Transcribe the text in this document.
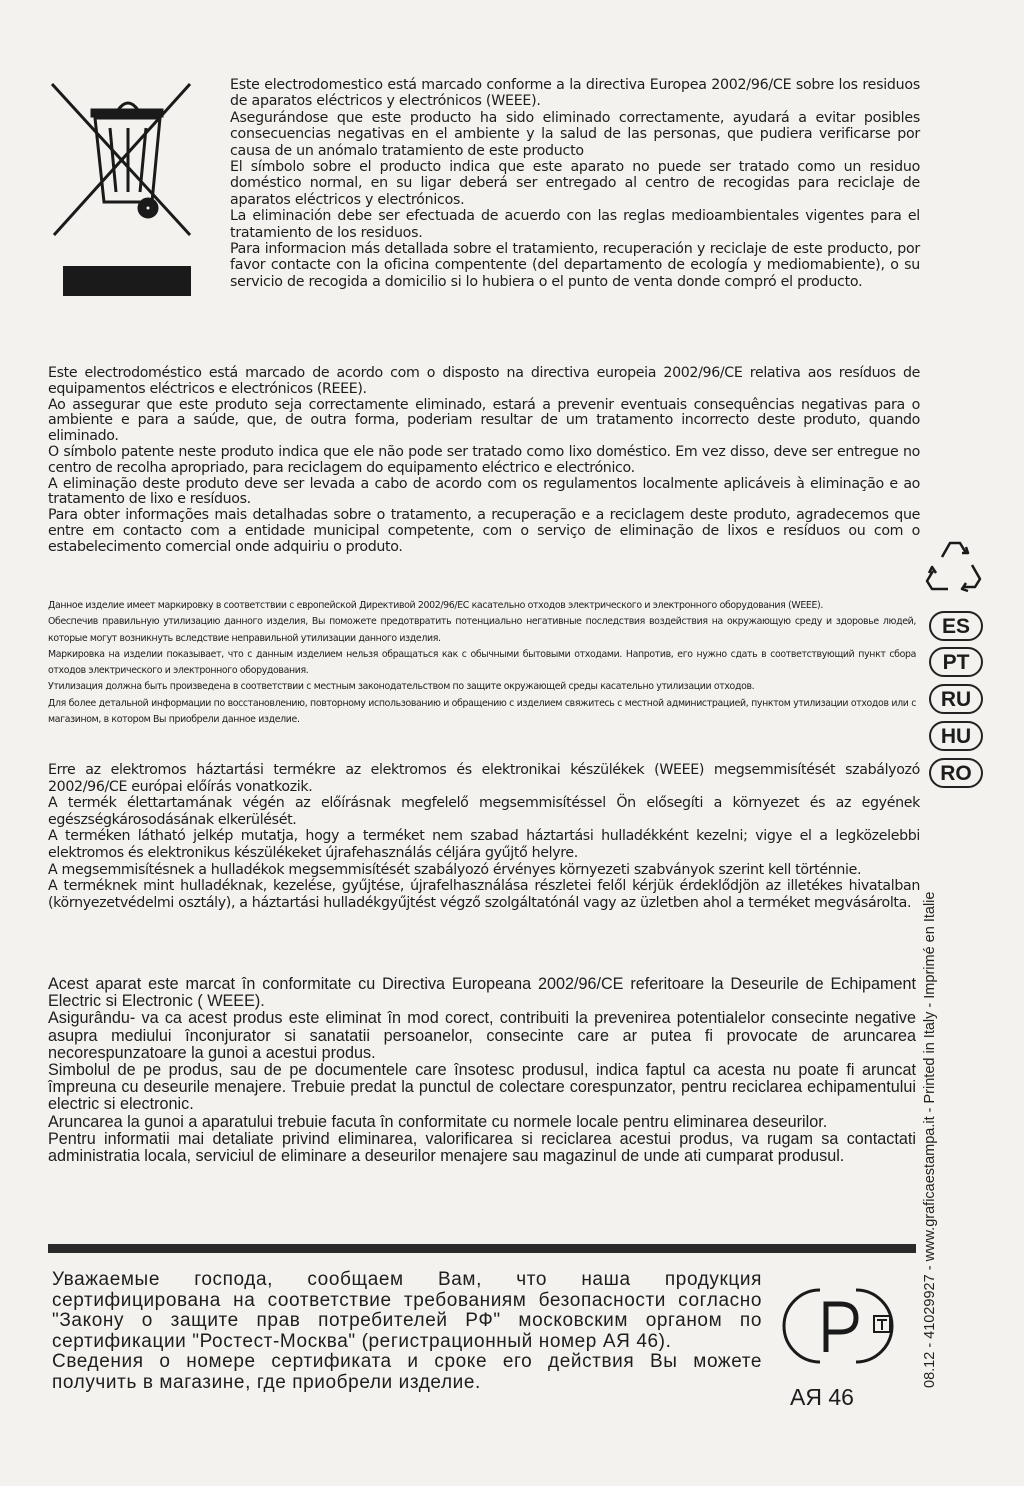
Este electrodomestico está marcado conforme a la directiva Europea 2002/96/CE sobre los residuos de aparatos eléctricos y electrónicos (WEEE).

Asegurándose que este producto ha sido eliminado correctamente, ayudará a evitar posibles consecuencias negativas en el ambiente y la salud de las personas, que pudiera verificarse por causa de un anómalo tratamiento de este producto

El símbolo sobre el producto indica que este aparato no puede ser tratado como un residuo doméstico normal, en su ligar deberá ser entregado al centro de recogidas para reciclaje de aparatos eléctricos y electrónicos.

La eliminación debe ser efectuada de acuerdo con las reglas medioambientales vigentes para el tratamiento de los residuos.

Para informacion más detallada sobre el tratamiento, recuperación y reciclaje de este producto, por favor contacte con la oficina compentente (del departamento de ecología y mediomabiente), o su servicio de recogida a domicilio si lo hubiera o el punto de venta donde compró el producto.

Este electrodoméstico está marcado de acordo com o disposto na directiva europeia 2002/96/CE relativa aos resíduos de equipamentos eléctricos e electrónicos (REEE).

Ao assegurar que este produto seja correctamente eliminado, estará a prevenir eventuais consequências negativas para o ambiente e para a saúde, que, de outra forma, poderiam resultar de um tratamento incorrecto deste produto, quando eliminado.

O símbolo patente neste produto indica que ele não pode ser tratado como lixo doméstico. Em vez disso, deve ser entregue no centro de recolha apropriado, para reciclagem do equipamento eléctrico e electrónico.

A eliminação deste produto deve ser levada a cabo de acordo com os regulamentos localmente aplicáveis à eliminação e ao tratamento de lixo e resíduos.

Para obter informações mais detalhadas sobre o tratamento, a recuperação e a reciclagem deste produto, agradecemos que entre em contacto com a entidade municipal competente, com o serviço de eliminação de lixos e resíduos ou com o estabelecimento comercial onde adquiriu o produto.

Данное изделие имеет маркировку в соответствии с европейской Директивой 2002/96/ЕС касательно отходов электрического и электронного оборудования (WEEE).

Обеспечив правильную утилизацию данного изделия, Вы поможете предотвратить потенциально негативные последствия воздействия на окружающую среду и здоровье людей, которые могут возникнуть вследствие неправильной утилизации данного изделия.

Маркировка на изделии показывает, что с данным изделием нельзя обращаться как с обычными бытовыми отходами. Напротив, его нужно сдать в соответствующий пункт сбора отходов электрического и электронного оборудования.

Утилизация должна быть произведена в соответствии с местным законодательством по защите окружающей среды касательно утилизации отходов.

Для более детальной информации по восстановлению, повторному использованию и обращению с изделием свяжитесь с местной администрацией, пунктом утилизации отходов или с магазином, в котором Вы приобрели данное изделие.

Erre az elektromos háztartási termékre az elektromos és elektronikai készülékek (WEEE) megsemmisítését szabályozó 2002/96/CE európai előírás vonatkozik.

A termék élettartamának végén az előírásnak megfelelő megsemmisítéssel Ön elősegíti a környezet és az egyének egészségkárosodásának elkerülését.

A terméken látható jelkép mutatja, hogy a terméket nem szabad háztartási hulladékként kezelni; vigye el a legközelebbi elektromos és elektronikus készülékeket újrafehasználás céljára gyűjtő helyre.

A megsemmisítésnek a hulladékok megsemmisítését szabályozó érvényes környezeti szabványok szerint kell történnie.

A terméknek mint hulladéknak, kezelése, gyűjtése, újrafelhasználása részletei felől kérjük érdeklődjön az illetékes hivatalban (környezetvédelmi osztály), a háztartási hulladékgyűjtést végző szolgáltatónál vagy az üzletben ahol a terméket megvásárolta.

Acest aparat este marcat în conformitate cu Directiva Europeana 2002/96/CE referitoare la Deseurile de Echipament Electric si Electronic ( WEEE).

Asigurându- va ca acest produs este eliminat în mod corect, contribuiti la prevenirea potentialelor consecinte negative asupra mediului înconjurator si sanatatii persoanelor, consecinte care ar putea fi provocate de aruncarea necorespunzatoare la gunoi a acestui produs.

Simbolul de pe produs, sau de pe documentele care însotesc produsul, indica faptul ca acesta nu poate fi aruncat împreuna cu deseurile menajere. Trebuie predat la punctul de colectare corespunzator, pentru reciclarea echipamentului electric si electronic.

Aruncarea la gunoi a aparatului trebuie facuta în conformitate cu normele locale pentru eliminarea deseurilor.

Pentru informatii mai detaliate privind eliminarea, valorificarea si reciclarea acestui produs, va rugam sa contactati administratia locala, serviciul de eliminare a deseurilor menajere sau magazinul de unde ati cumparat produsul.

Уважаемые господа, сообщаем Вам, что наша продукция сертифицирована на соответствие требованиям безопасности согласно "Закону о защите прав потребителей РФ" московским органом по сертификации "Ростест-Москва" (регистрационный номер АЯ 46).

Сведения о номере сертификата и сроке его действия Вы можете получить в магазине, где приобрели изделие.

АЯ 46
ES
PT
RU
HU
RO
08.12 - 41029927 - www.graficaestampa.it - Printed in Italy - Imprimé en Italie
